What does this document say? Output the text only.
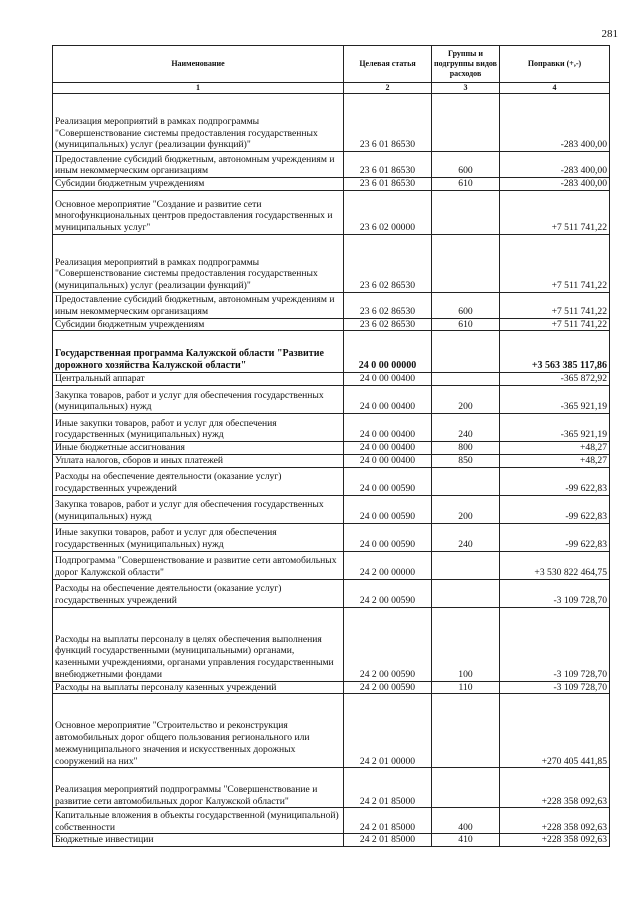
281
Наименование	Целевая статья	Группы и подгруппы видов расходов	Поправки (+,-)
1	2	3	4
Реализация мероприятий в рамках подпрограммы "Совершенствование системы предоставления государственных (муниципальных) услуг (реализации функций)"	23 6 01 86530		-283 400,00
Предоставление субсидий бюджетным, автономным учреждениям и иным некоммерческим организациям	23 6 01 86530	600	-283 400,00
Субсидии бюджетным учреждениям	23 6 01 86530	610	-283 400,00
Основное мероприятие "Создание и развитие сети многофункциональных центров предоставления государственных и муниципальных услуг"	23 6 02 00000		+7 511 741,22
Реализация мероприятий в рамках подпрограммы "Совершенствование системы предоставления государственных (муниципальных) услуг (реализации функций)"	23 6 02 86530		+7 511 741,22
Предоставление субсидий бюджетным, автономным учреждениям и иным некоммерческим организациям	23 6 02 86530	600	+7 511 741,22
Субсидии бюджетным учреждениям	23 6 02 86530	610	+7 511 741,22
Государственная программа Калужской области "Развитие дорожного хозяйства Калужской области"	24 0 00 00000		+3 563 385 117,86
Центральный аппарат	24 0 00 00400		-365 872,92
Закупка товаров, работ и услуг для обеспечения государственных (муниципальных) нужд	24 0 00 00400	200	-365 921,19
Иные закупки товаров, работ и услуг для обеспечения государственных (муниципальных) нужд	24 0 00 00400	240	-365 921,19
Иные бюджетные ассигнования	24 0 00 00400	800	+48,27
Уплата налогов, сборов и иных платежей	24 0 00 00400	850	+48,27
Расходы на обеспечение деятельности (оказание услуг) государственных учреждений	24 0 00 00590		-99 622,83
Закупка товаров, работ и услуг для обеспечения государственных (муниципальных) нужд	24 0 00 00590	200	-99 622,83
Иные закупки товаров, работ и услуг для обеспечения государственных (муниципальных) нужд	24 0 00 00590	240	-99 622,83
Подпрограмма "Совершенствование и развитие сети автомобильных дорог Калужской области"	24 2 00 00000		+3 530 822 464,75
Расходы на обеспечение деятельности (оказание услуг) государственных учреждений	24 2 00 00590		-3 109 728,70
Расходы на выплаты персоналу в целях обеспечения выполнения функций государственными (муниципальными) органами, казенными учреждениями, органами управления государственными внебюджетными фондами	24 2 00 00590	100	-3 109 728,70
Расходы на выплаты персоналу казенных учреждений	24 2 00 00590	110	-3 109 728,70
Основное мероприятие "Строительство и реконструкция автомобильных дорог общего пользования регионального или межмуниципального значения и искусственных дорожных сооружений на них"	24 2 01 00000		+270 405 441,85
Реализация мероприятий подпрограммы "Совершенствование и развитие сети автомобильных дорог Калужской области"	24 2 01 85000		+228 358 092,63
Капитальные вложения в объекты государственной (муниципальной) собственности	24 2 01 85000	400	+228 358 092,63
Бюджетные инвестиции	24 2 01 85000	410	+228 358 092,63
